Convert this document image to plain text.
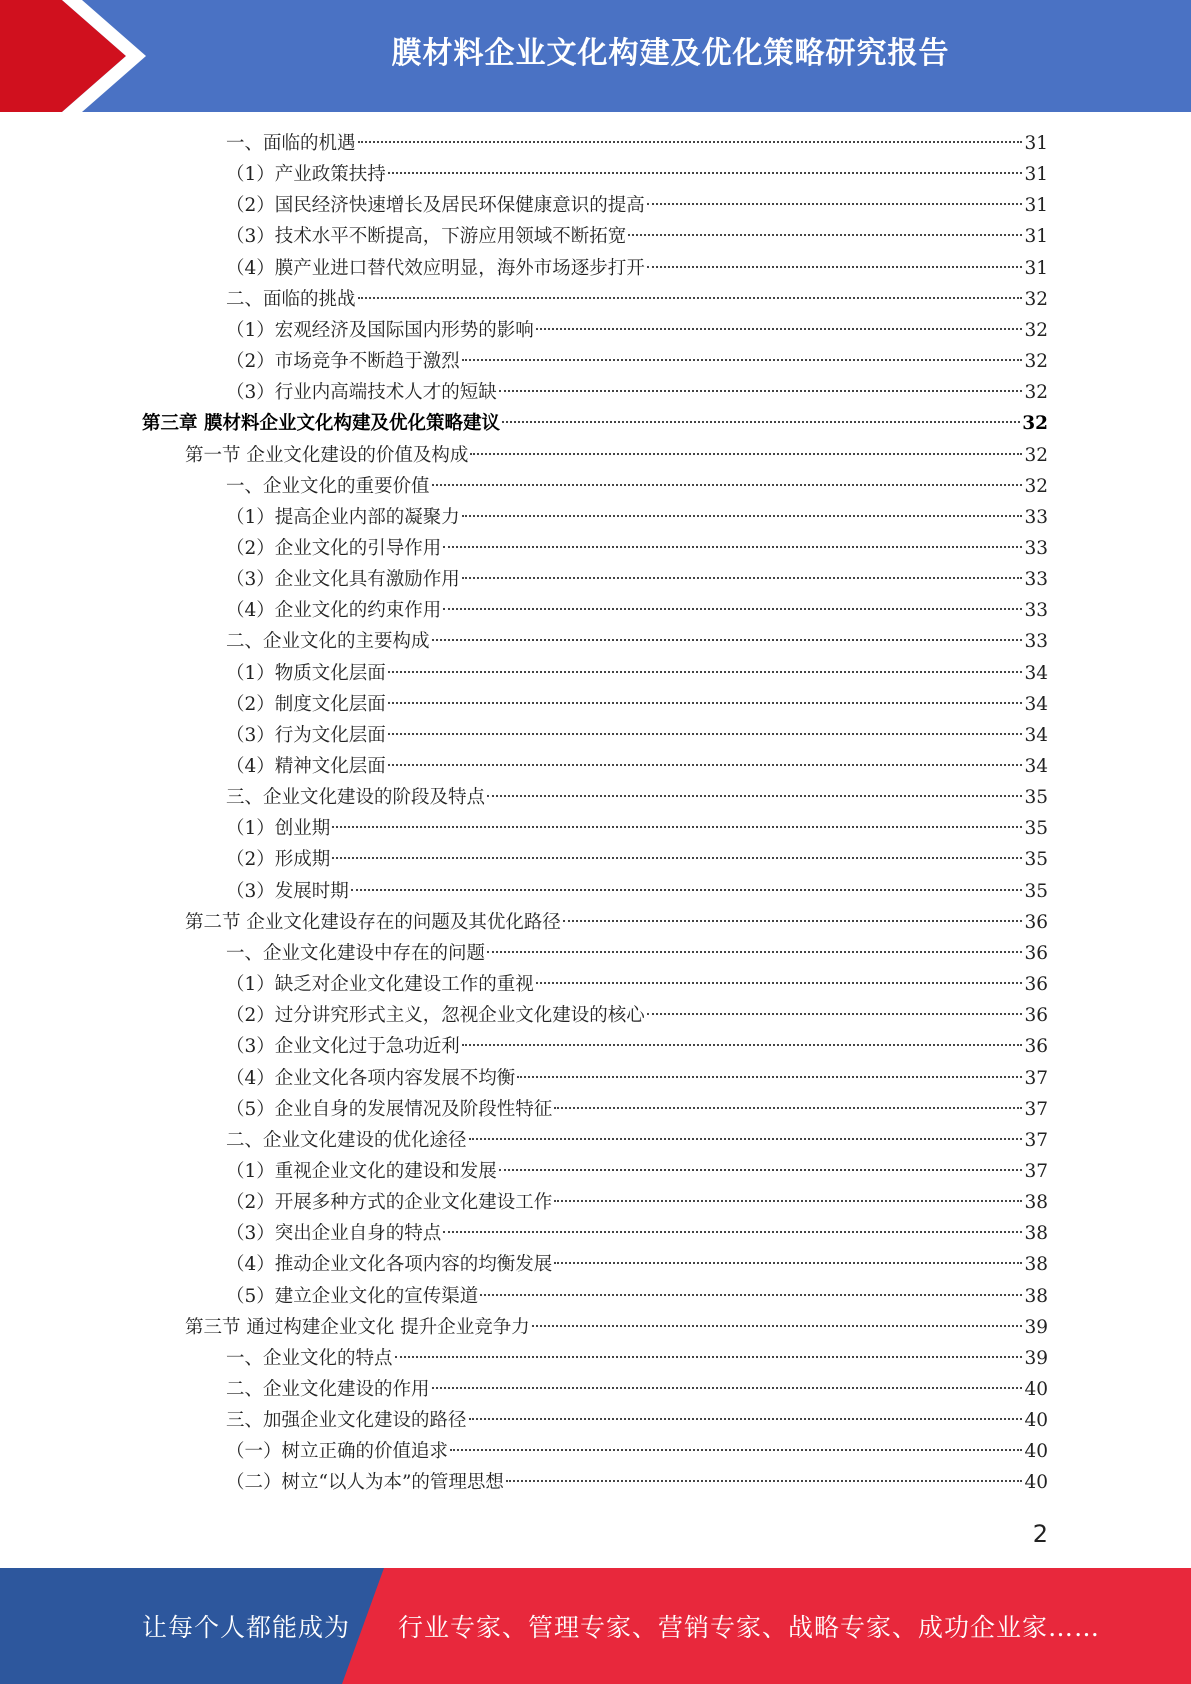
膜材料企业文化构建及优化策略研究报告
一、面临的机遇	31
（1）产业政策扶持	31
（2）国民经济快速增长及居民环保健康意识的提高	31
（3）技术水平不断提高，下游应用领域不断拓宽	31
（4）膜产业进口替代效应明显，海外市场逐步打开	31
二、面临的挑战	32
（1）宏观经济及国际国内形势的影响	32
（2）市场竞争不断趋于激烈	32
（3）行业内高端技术人才的短缺	32
第三章 膜材料企业文化构建及优化策略建议	32
第一节 企业文化建设的价值及构成	32
一、企业文化的重要价值	32
（1）提高企业内部的凝聚力	33
（2）企业文化的引导作用	33
（3）企业文化具有激励作用	33
（4）企业文化的约束作用	33
二、企业文化的主要构成	33
（1）物质文化层面	34
（2）制度文化层面	34
（3）行为文化层面	34
（4）精神文化层面	34
三、企业文化建设的阶段及特点	35
（1）创业期	35
（2）形成期	35
（3）发展时期	35
第二节 企业文化建设存在的问题及其优化路径	36
一、企业文化建设中存在的问题	36
（1）缺乏对企业文化建设工作的重视	36
（2）过分讲究形式主义，忽视企业文化建设的核心	36
（3）企业文化过于急功近利	36
（4）企业文化各项内容发展不均衡	37
（5）企业自身的发展情况及阶段性特征	37
二、企业文化建设的优化途径	37
（1）重视企业文化的建设和发展	37
（2）开展多种方式的企业文化建设工作	38
（3）突出企业自身的特点	38
（4）推动企业文化各项内容的均衡发展	38
（5）建立企业文化的宣传渠道	38
第三节 通过构建企业文化 提升企业竞争力	39
一、企业文化的特点	39
二、企业文化建设的作用	40
三、加强企业文化建设的路径	40
（一）树立正确的价值追求	40
（二）树立“以人为本”的管理思想	40
2
让每个人都能成为 行业专家、管理专家、营销专家、战略专家、成功企业家……
